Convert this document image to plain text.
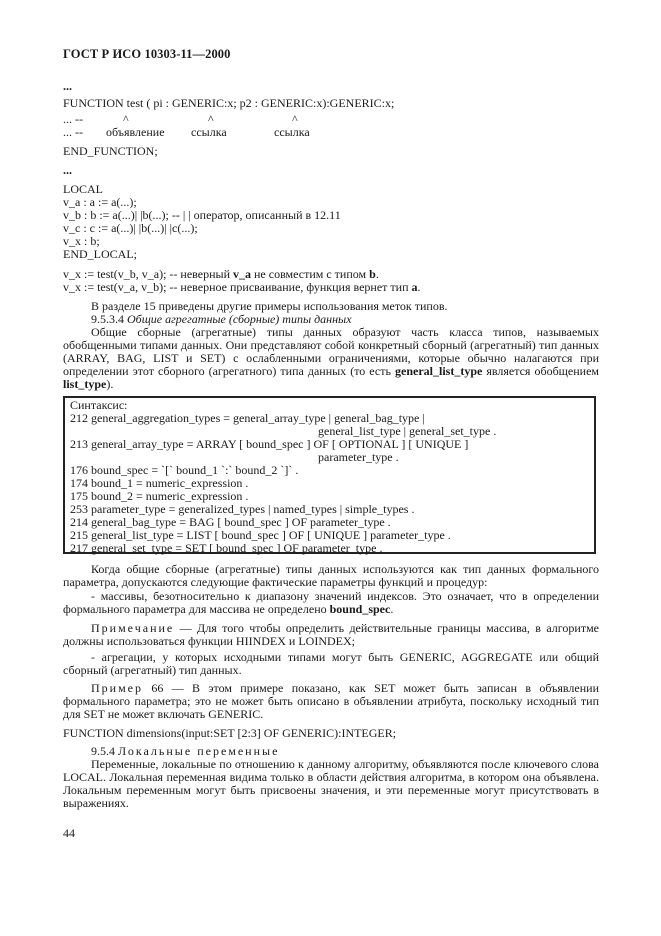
ГОСТ Р ИСО 10303-11—2000
...
FUNCTION test ( pi : GENERIC:x; p2 : GENERIC:x):GENERIC:x;
... --	^	^	^
... -- объявление ссылка	ссылка
END_FUNCTION;
...
LOCAL
v_a : a := a(...);
v_b : b := a(...)| |b(...); -- | | оператор, описанный в 12.11
v_c : c := a(...)| |b(...)| |c(...);
v_x : b;
END_LOCAL;
v_x := test(v_b, v_a); -- неверный v_a не совместим с типом b.
v_x := test(v_a, v_b); -- неверное присваивание, функция вернет тип a.
В разделе 15 приведены другие примеры использования меток типов.
9.5.3.4 Общие агрегатные (сборные) типы данных
Общие сборные (агрегатные) типы данных образуют часть класса типов, называемых обобщенными типами данных. Они представляют собой конкретный сборный (агрегатный) тип данных (ARRAY, BAG, LIST и SET) с ослабленными ограничениями, которые обычно налагаются при определении этот сборного (агрегатного) типа данных (то есть general_list_type является обобщением list_type).
Синтаксис:
212 general_aggregation_types = general_array_type | general_bag_type |
general_list_type | general_set_type .
213 general_array_type = ARRAY [ bound_spec ] OF [ OPTIONAL ] [ UNIQUE ]
parameter_type .
176 bound_spec = `[` bound_1 `:` bound_2 `]` .
174 bound_1 = numeric_expression .
175 bound_2 = numeric_expression .
253 parameter_type = generalized_types | named_types | simple_types .
214 general_bag_type = BAG [ bound_spec ] OF parameter_type .
215 general_list_type = LIST [ bound_spec ] OF [ UNIQUE ] parameter_type .
217 general_set_type = SET [ bound_spec ] OF parameter_type .
Когда общие сборные (агрегатные) типы данных используются как тип данных формального параметра, допускаются следующие фактические параметры функций и процедур:
- массивы, безотносительно к диапазону значений индексов. Это означает, что в определении формального параметра для массива не определено bound_spec.
Примечание — Для того чтобы определить действительные границы массива, в алгоритме должны использоваться функции HIINDEX и LOINDEX;
- агрегации, у которых исходными типами могут быть GENERIC, AGGREGATE или общий сборный (агрегатный) тип данных.
Пример 66 — В этом примере показано, как SET может быть записан в объявлении формального параметра; это не может быть описано в объявлении атрибута, поскольку исходный тип для SET не может включать GENERIC.
FUNCTION dimensions(input:SET [2:3] OF GENERIC):INTEGER;
9.5.4 Локальные переменные
Переменные, локальные по отношению к данному алгоритму, объявляются после ключевого слова LOCAL. Локальная переменная видима только в области действия алгоритма, в котором она объявлена. Локальным переменным могут быть присвоены значения, и эти переменные могут присутствовать в выражениях.
44
